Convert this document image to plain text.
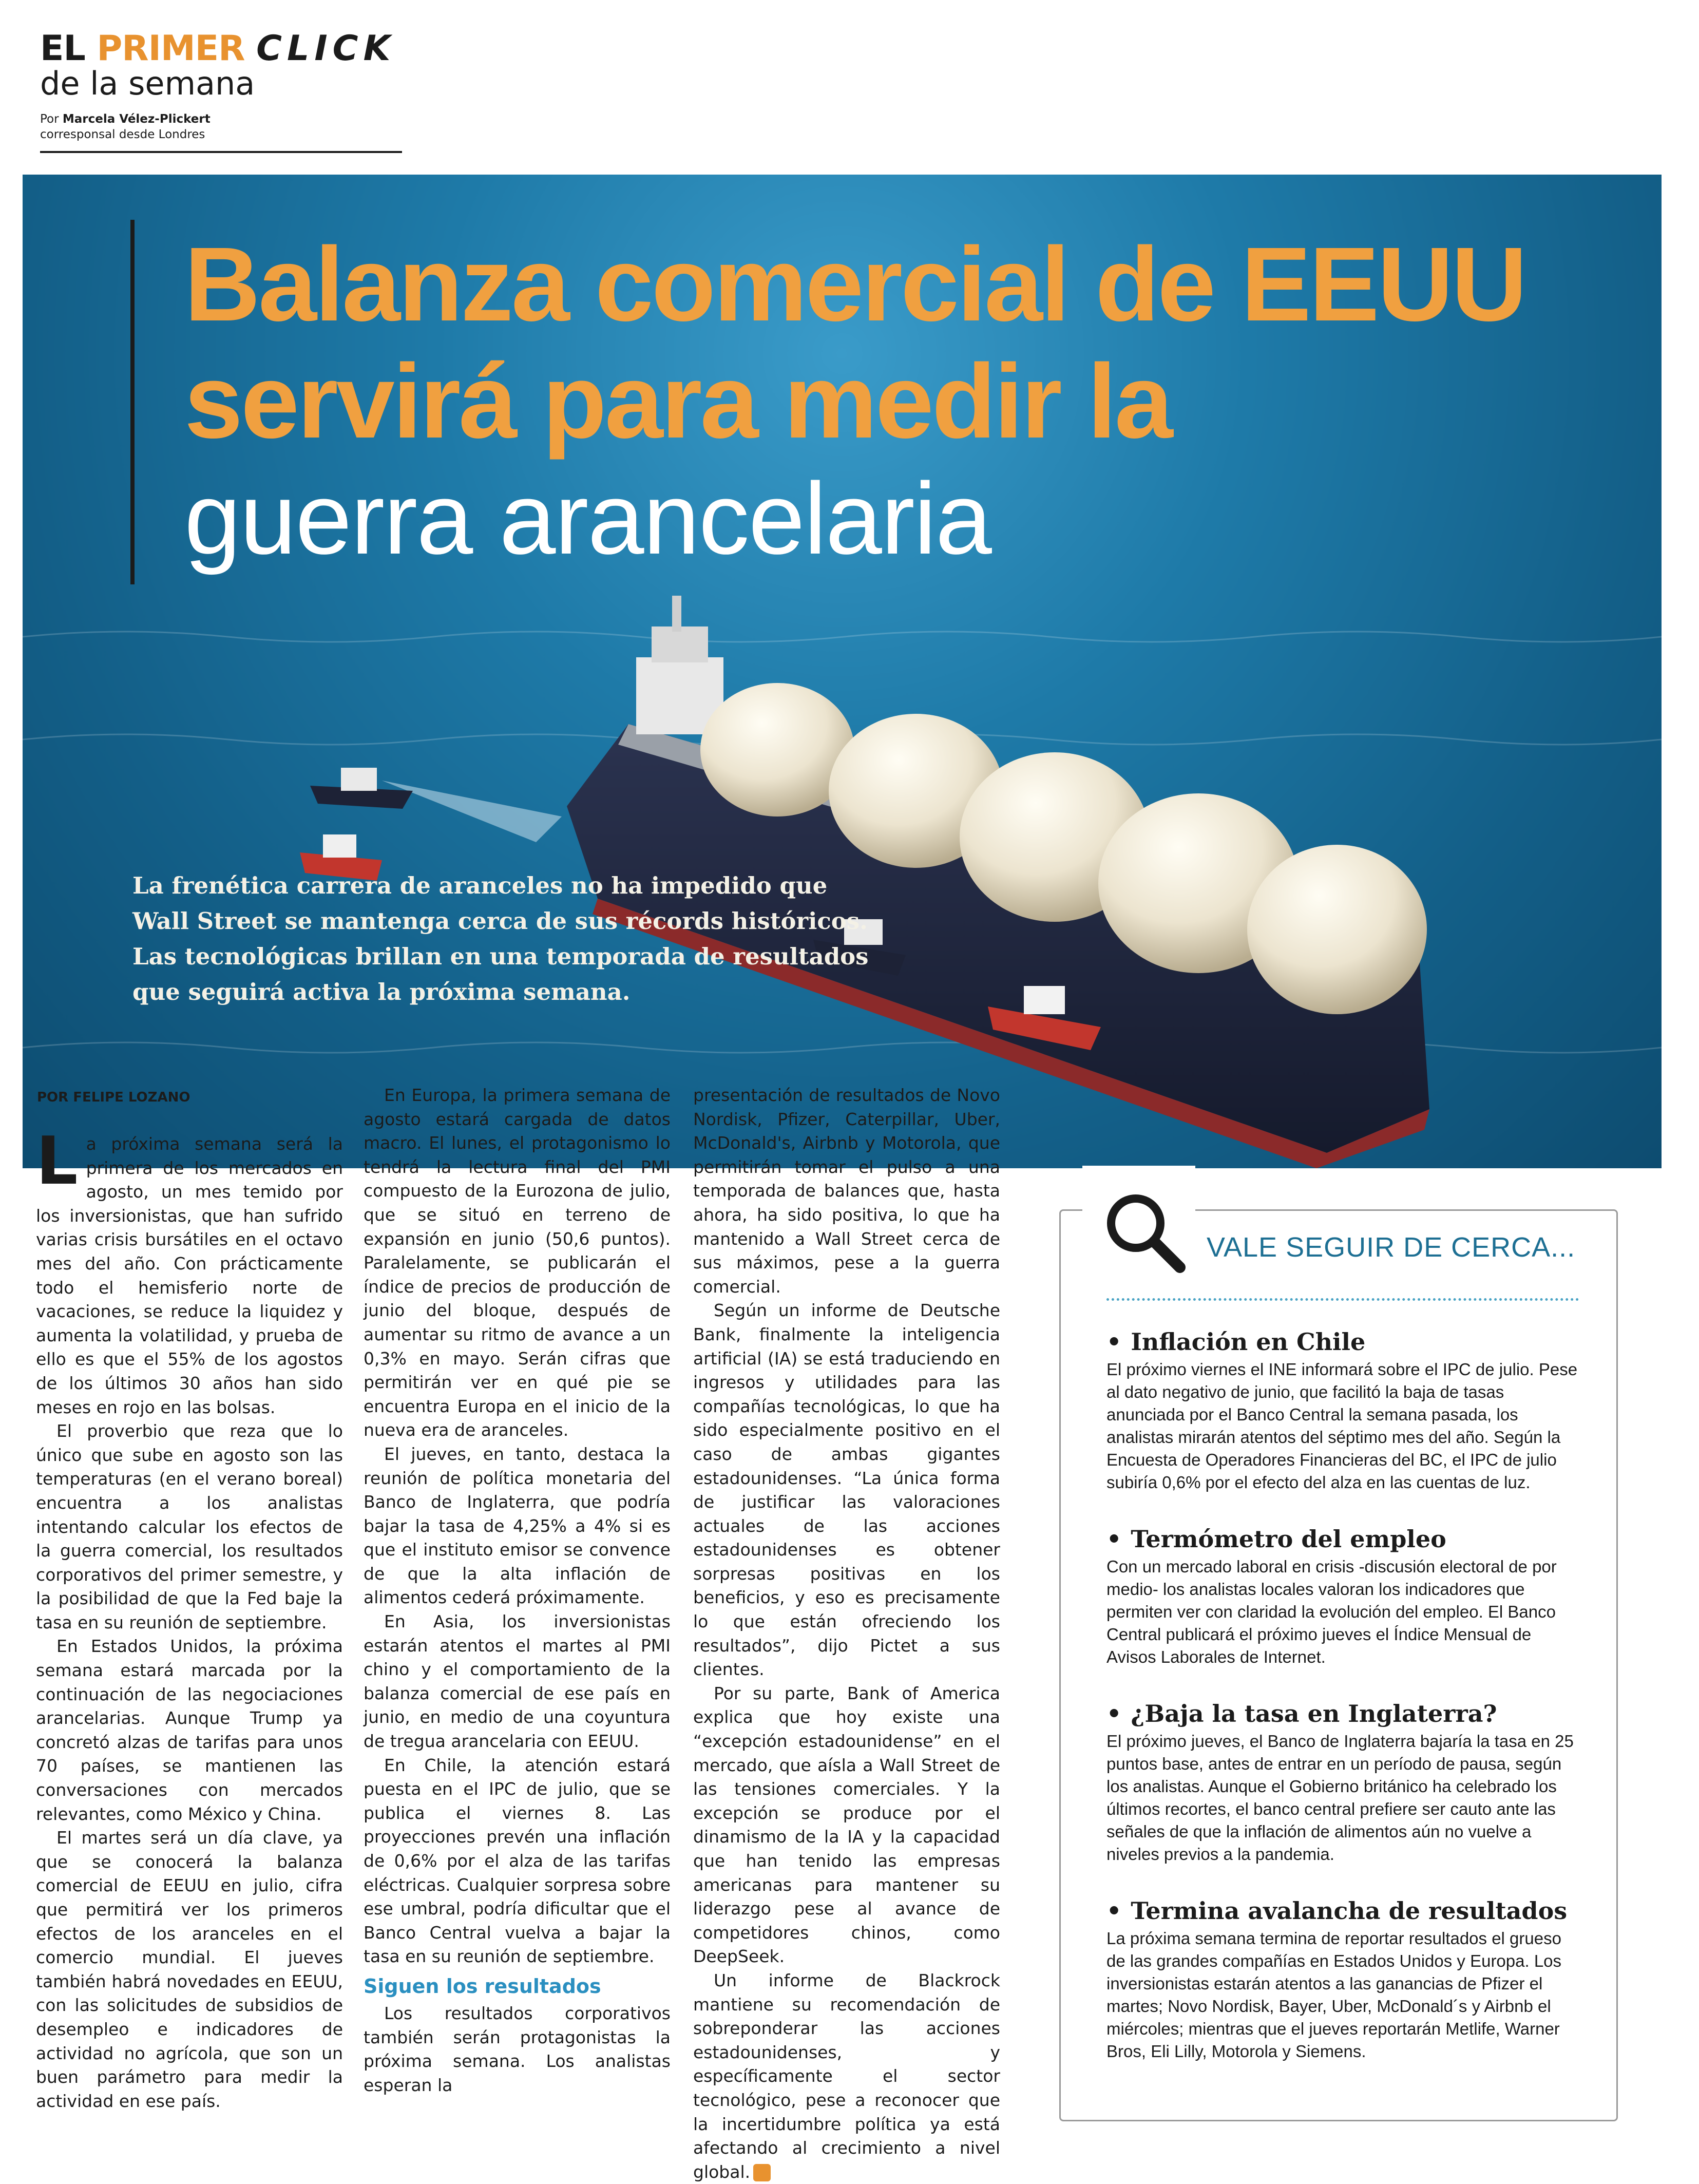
EL PRIMER CLICK
de la semana
Por Marcela Vélez-Plickert
corresponsal desde Londres
Balanza comercial de EEUU
servirá para medir la
guerra arancelaria
La frenética carrera de aranceles no ha impedido que Wall Street se mantenga cerca de sus récords históricos. Las tecnológicas brillan en una temporada de resultados que seguirá activa la próxima semana.
POR FELIPE LOZANO

La próxima semana será la primera de los mercados en agosto, un mes temido por los inversionistas, que han sufrido varias crisis bursátiles en el octavo mes del año. Con prácticamente todo el hemisferio norte de vacaciones, se reduce la liquidez y aumenta la volatilidad, y prueba de ello es que el 55% de los agostos de los últimos 30 años han sido meses en rojo en las bolsas.

El proverbio que reza que lo único que sube en agosto son las temperaturas (en el verano boreal) encuentra a los analistas intentando calcular los efectos de la guerra comercial, los resultados corporativos del primer semestre, y la posibilidad de que la Fed baje la tasa en su reunión de septiembre.

En Estados Unidos, la próxima semana estará marcada por la continuación de las negociaciones arancelarias. Aunque Trump ya concretó alzas de tarifas para unos 70 países, se mantienen las conversaciones con mercados relevantes, como México y China.

El martes será un día clave, ya que se conocerá la balanza comercial de EEUU en julio, cifra que permitirá ver los primeros efectos de los aranceles en el comercio mundial. El jueves también habrá novedades en EEUU, con las solicitudes de subsidios de desempleo e indicadores de actividad no agrícola, que son un buen parámetro para medir la actividad en ese país.

En Europa, la primera semana de agosto estará cargada de datos macro. El lunes, el protagonismo lo tendrá la lectura final del PMI compuesto de la Eurozona de julio, que se situó en terreno de expansión en junio (50,6 puntos). Paralelamente, se publicarán el índice de precios de producción de junio del bloque, después de aumentar su ritmo de avance a un 0,3% en mayo. Serán cifras que permitirán ver en qué pie se encuentra Europa en el inicio de la nueva era de aranceles.

El jueves, en tanto, destaca la reunión de política monetaria del Banco de Inglaterra, que podría bajar la tasa de 4,25% a 4% si es que el instituto emisor se convence de que la alta inflación de alimentos cederá próximamente.

En Asia, los inversionistas estarán atentos el martes al PMI chino y el comportamiento de la balanza comercial de ese país en junio, en medio de una coyuntura de tregua arancelaria con EEUU.

En Chile, la atención estará puesta en el IPC de julio, que se publica el viernes 8. Las proyecciones prevén una inflación de 0,6% por el alza de las tarifas eléctricas. Cualquier sorpresa sobre ese umbral, podría dificultar que el Banco Central vuelva a bajar la tasa en su reunión de septiembre.

Siguen los resultados

Los resultados corporativos también serán protagonistas la próxima semana. Los analistas esperan la

presentación de resultados de Novo Nordisk, Pfizer, Caterpillar, Uber, McDonald's, Airbnb y Motorola, que permitirán tomar el pulso a una temporada de balances que, hasta ahora, ha sido positiva, lo que ha mantenido a Wall Street cerca de sus máximos, pese a la guerra comercial.

Según un informe de Deutsche Bank, finalmente la inteligencia artificial (IA) se está traduciendo en ingresos y utilidades para las compañías tecnológicas, lo que ha sido especialmente positivo en el caso de ambas gigantes estadounidenses. “La única forma de justificar las valoraciones actuales de las acciones estadounidenses es obtener sorpresas positivas en los beneficios, y eso es precisamente lo que están ofreciendo los resultados”, dijo Pictet a sus clientes.

Por su parte, Bank of America explica que hoy existe una “excepción estadounidense” en el mercado, que aísla a Wall Street de las tensiones comerciales. Y la excepción se produce por el dinamismo de la IA y la capacidad que han tenido las empresas americanas para mantener su liderazgo pese al avance de competidores chinos, como DeepSeek.

Un informe de Blackrock mantiene su recomendación de sobreponderar las acciones estadounidenses, y específicamente el sector tecnológico, pese a reconocer que la incertidumbre política ya está afectando al crecimiento a nivel global. S

VALE SEGUIR DE CERCA...
• Inflación en Chile

El próximo viernes el INE informará sobre el IPC de julio. Pese al dato negativo de junio, que facilitó la baja de tasas anunciada por el Banco Central la semana pasada, los analistas mirarán atentos del séptimo mes del año. Según la Encuesta de Operadores Financieras del BC, el IPC de julio subiría 0,6% por el efecto del alza en las cuentas de luz.

• Termómetro del empleo

Con un mercado laboral en crisis -discusión electoral de por medio- los analistas locales valoran los indicadores que permiten ver con claridad la evolución del empleo. El Banco Central publicará el próximo jueves el Índice Mensual de Avisos Laborales de Internet.

• ¿Baja la tasa en Inglaterra?

El próximo jueves, el Banco de Inglaterra bajaría la tasa en 25 puntos base, antes de entrar en un período de pausa, según los analistas. Aunque el Gobierno británico ha celebrado los últimos recortes, el banco central prefiere ser cauto ante las señales de que la inflación de alimentos aún no vuelve a niveles previos a la pandemia.

• Termina avalancha de resultados

La próxima semana termina de reportar resultados el grueso de las grandes compañías en Estados Unidos y Europa. Los inversionistas estarán atentos a las ganancias de Pfizer el martes; Novo Nordisk, Bayer, Uber, McDonald´s y Airbnb el miércoles; mientras que el jueves reportarán Metlife, Warner Bros, Eli Lilly, Motorola y Siemens.
